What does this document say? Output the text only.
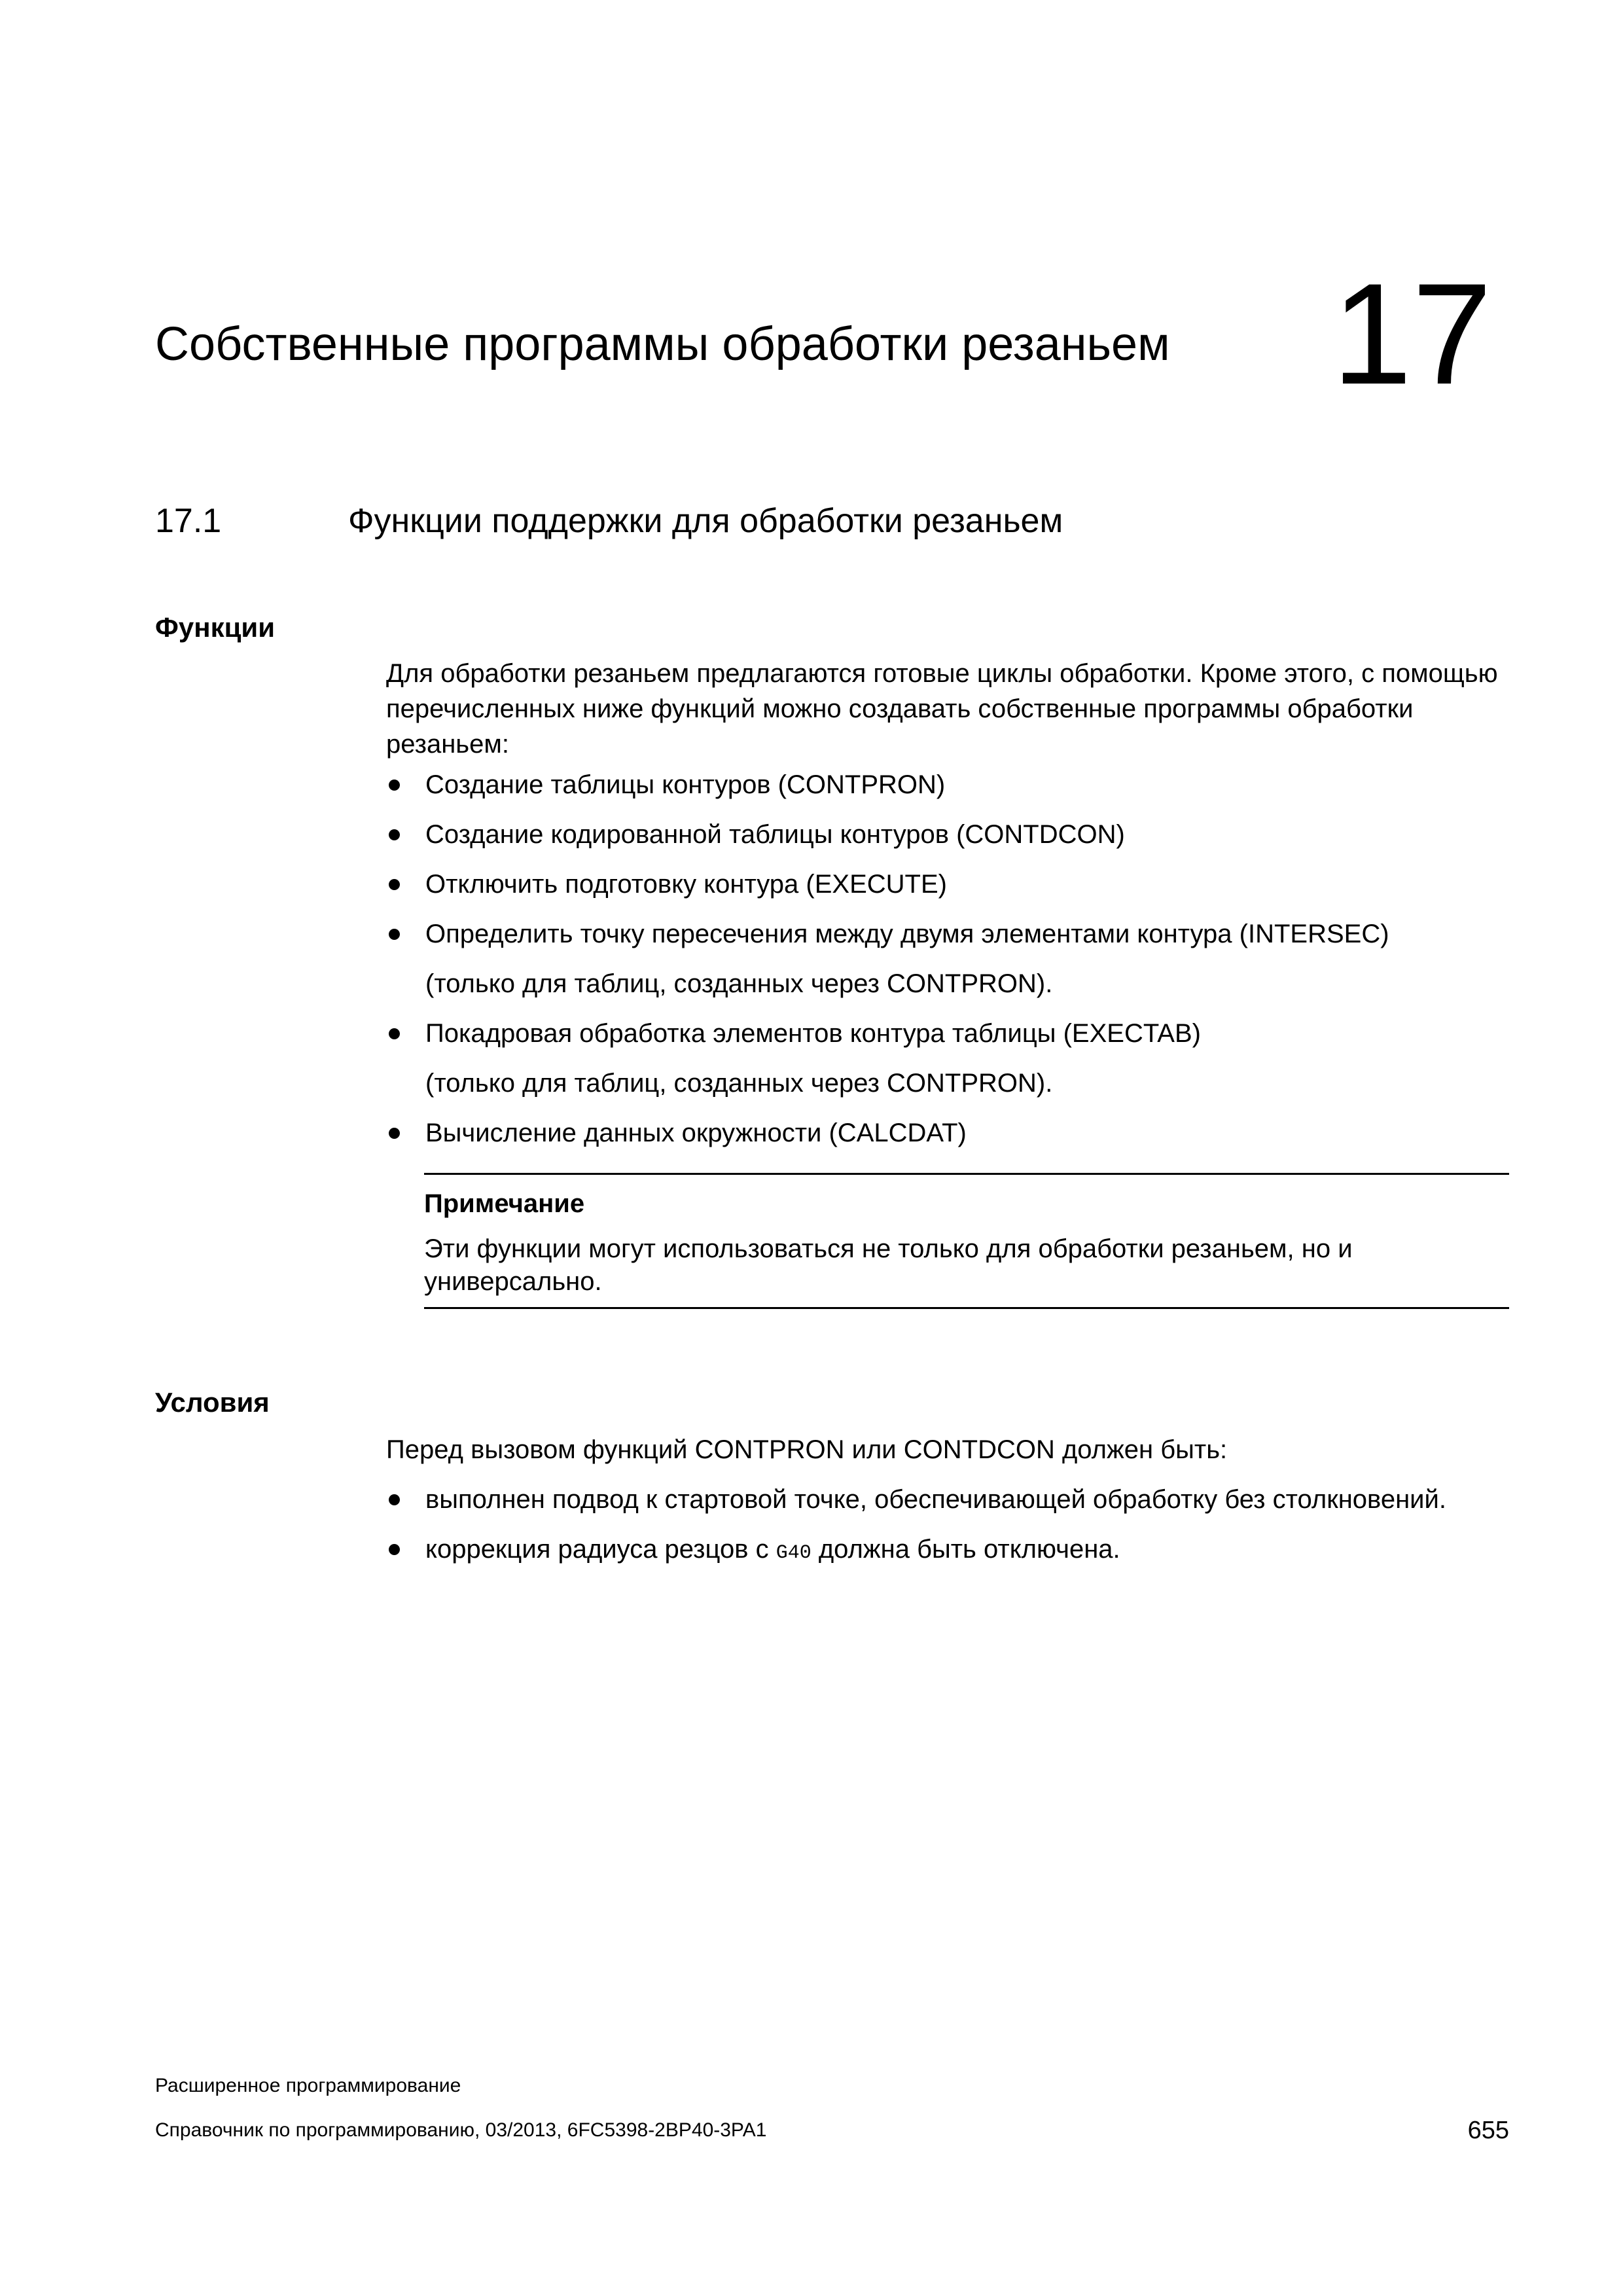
Собственные программы обработки резаньем 17
17.1	Функции поддержки для обработки резаньем
Функции
Для обработки резаньем предлагаются готовые циклы обработки. Кроме этого, с помощью перечисленных ниже функций можно создавать собственные программы обработки резаньем:
Создание таблицы контуров (CONTPRON)
Создание кодированной таблицы контуров (CONTDCON)
Отключить подготовку контура (EXECUTE)
Определить точку пересечения между двумя элементами контура (INTERSEC)
(только для таблиц, созданных через CONTPRON).
Покадровая обработка элементов контура таблицы (EXECTAB)
(только для таблиц, созданных через CONTPRON).
Вычисление данных окружности (CALCDAT)
Примечание
Эти функции могут использоваться не только для обработки резаньем, но и универсально.
Условия
Перед вызовом функций CONTPRON или CONTDCON должен быть:
выполнен подвод к стартовой точке, обеспечивающей обработку без столкновений.
коррекция радиуса резцов с G40 должна быть отключена.
Расширенное программирование
Справочник по программированию, 03/2013, 6FC5398-2BP40-3PA1	655
